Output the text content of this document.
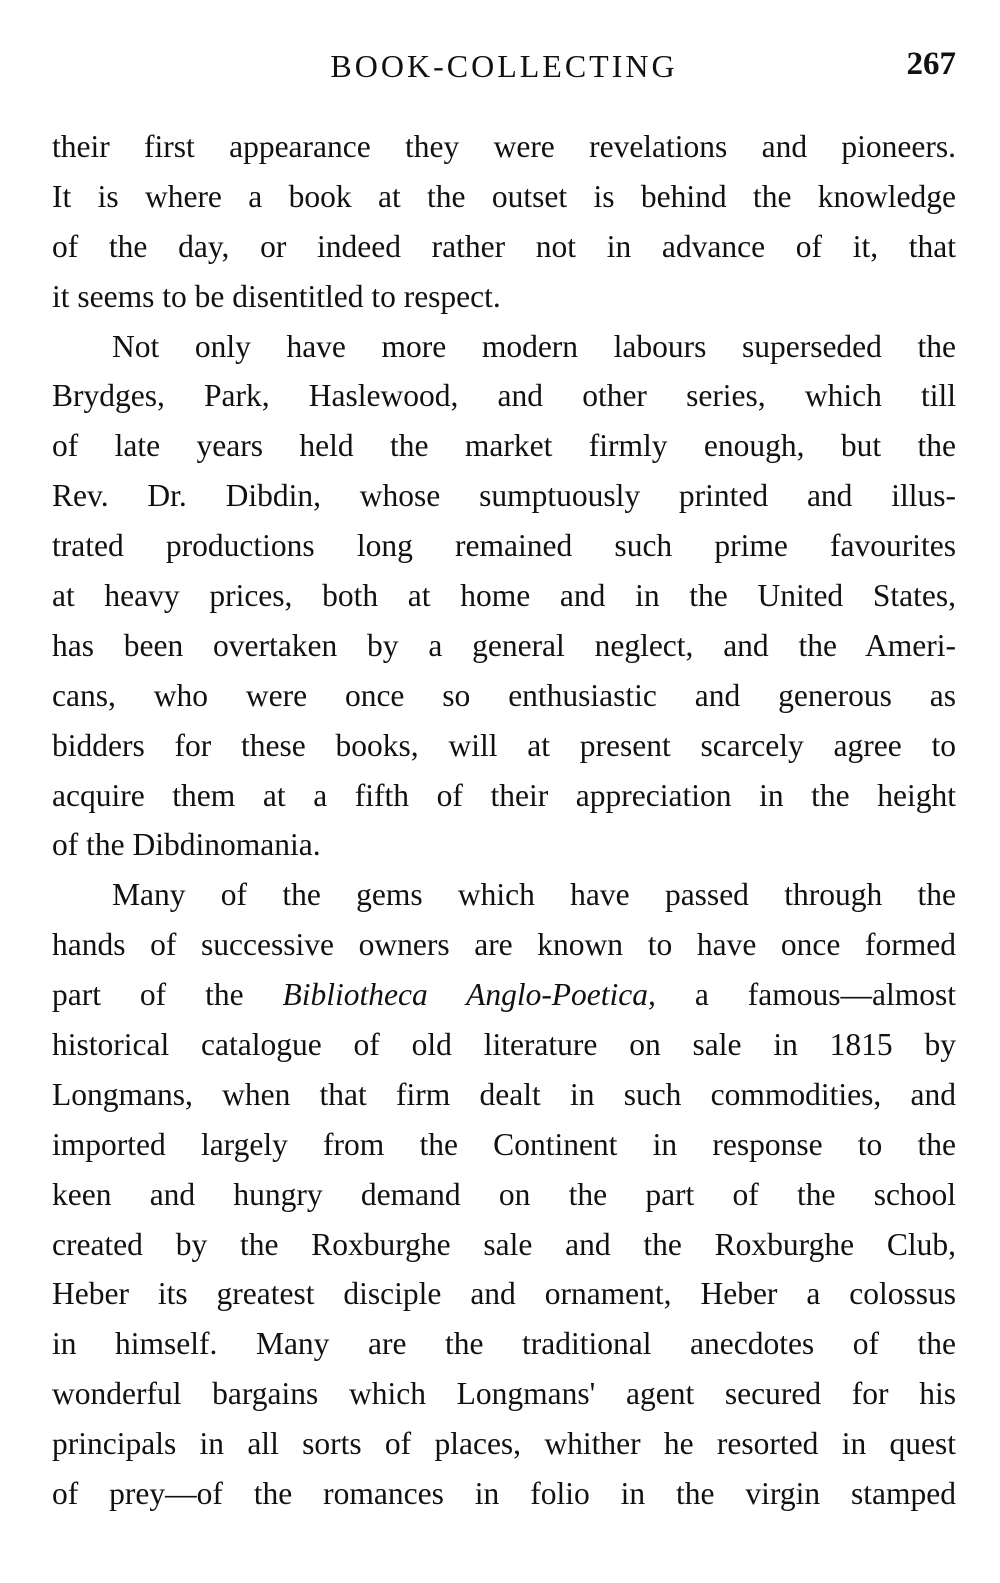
BOOK-COLLECTING	267
their first appearance they were revelations and pioneers.
It is where a book at the outset is behind the knowledge
of the day, or indeed rather not in advance of it, that
it seems to be disentitled to respect.
Not only have more modern labours superseded the
Brydges, Park, Haslewood, and other series, which till
of late years held the market firmly enough, but the
Rev. Dr. Dibdin, whose sumptuously printed and illus-
trated productions long remained such prime favourites
at heavy prices, both at home and in the United States,
has been overtaken by a general neglect, and the Ameri-
cans, who were once so enthusiastic and generous as
bidders for these books, will at present scarcely agree to
acquire them at a fifth of their appreciation in the height
of the Dibdinomania.
Many of the gems which have passed through the
hands of successive owners are known to have once formed
part of the Bibliotheca Anglo-Poetica, a famous—almost
historical catalogue of old literature on sale in 1815 by
Longmans, when that firm dealt in such commodities, and
imported largely from the Continent in response to the
keen and hungry demand on the part of the school
created by the Roxburghe sale and the Roxburghe Club,
Heber its greatest disciple and ornament, Heber a colossus
in himself. Many are the traditional anecdotes of the
wonderful bargains which Longmans' agent secured for his
principals in all sorts of places, whither he resorted in quest
of prey—of the romances in folio in the virgin stamped
